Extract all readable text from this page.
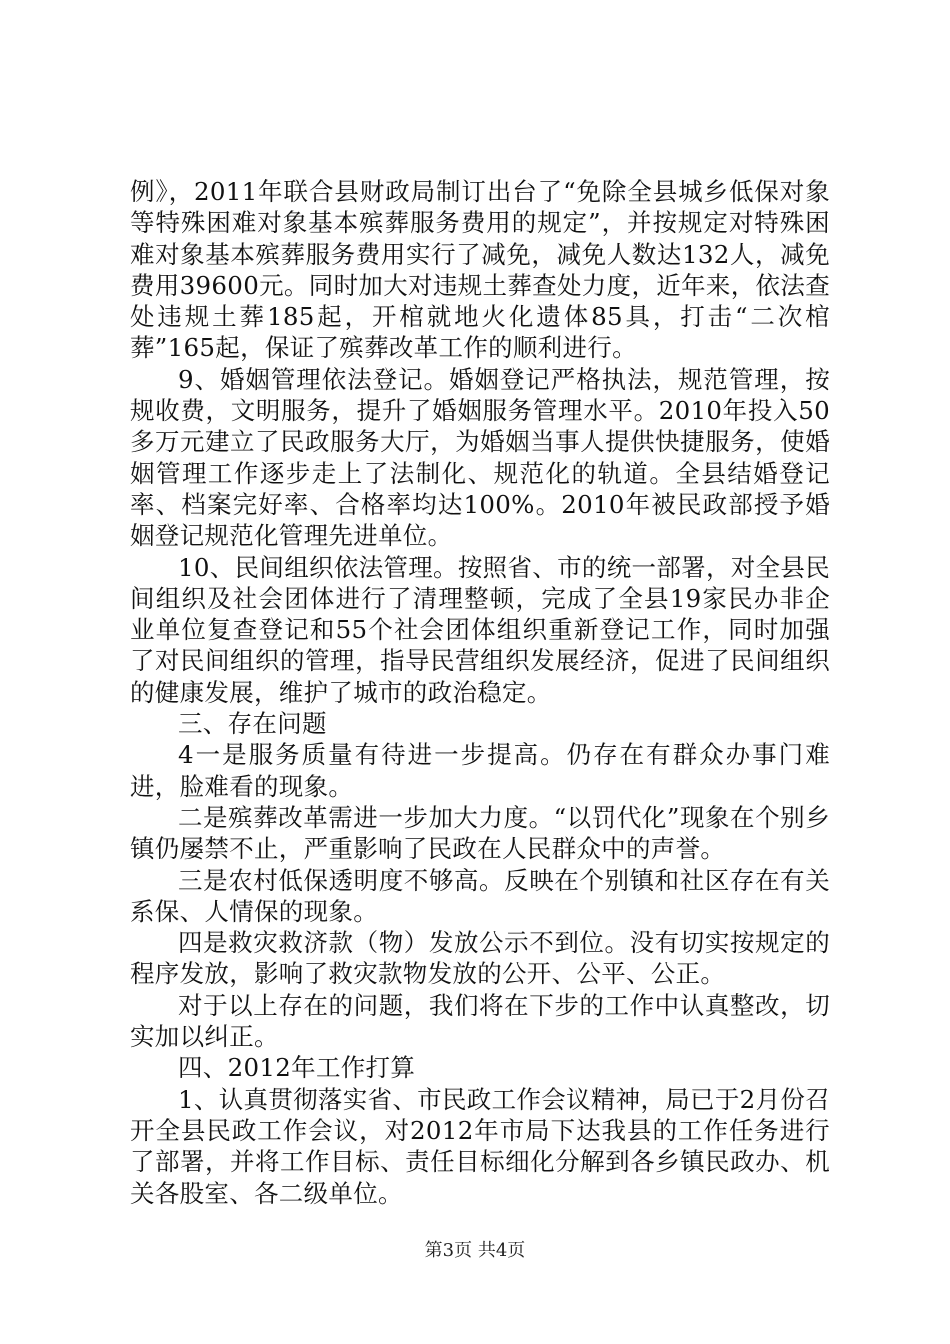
例》，2011年联合县财政局制订出台了“免除全县城乡低保对象等特殊困难对象基本殡葬服务费用的规定”，并按规定对特殊困难对象基本殡葬服务费用实行了减免，减免人数达132人，减免费用39600元。同时加大对违规土葬查处力度，近年来，依法查处违规土葬185起，开棺就地火化遗体85具，打击“二次棺葬”165起，保证了殡葬改革工作的顺利进行。

9、婚姻管理依法登记。婚姻登记严格执法，规范管理，按规收费，文明服务，提升了婚姻服务管理水平。2010年投入50多万元建立了民政服务大厅，为婚姻当事人提供快捷服务，使婚姻管理工作逐步走上了法制化、规范化的轨道。全县结婚登记率、档案完好率、合格率均达100%。2010年被民政部授予婚姻登记规范化管理先进单位。

10、民间组织依法管理。按照省、市的统一部署，对全县民间组织及社会团体进行了清理整顿，完成了全县19家民办非企业单位复查登记和55个社会团体组织重新登记工作，同时加强了对民间组织的管理，指导民营组织发展经济，促进了民间组织的健康发展，维护了城市的政治稳定。

三、存在问题

4一是服务质量有待进一步提高。仍存在有群众办事门难进，脸难看的现象。

二是殡葬改革需进一步加大力度。“以罚代化”现象在个别乡镇仍屡禁不止，严重影响了民政在人民群众中的声誉。

三是农村低保透明度不够高。反映在个别镇和社区存在有关系保、人情保的现象。

四是救灾救济款（物）发放公示不到位。没有切实按规定的程序发放，影响了救灾款物发放的公开、公平、公正。

对于以上存在的问题，我们将在下步的工作中认真整改，切实加以纠正。

四、2012年工作打算

1、认真贯彻落实省、市民政工作会议精神，局已于2月份召开全县民政工作会议，对2012年市局下达我县的工作任务进行了部署，并将工作目标、责任目标细化分解到各乡镇民政办、机关各股室、各二级单位。

第3页 共4页
